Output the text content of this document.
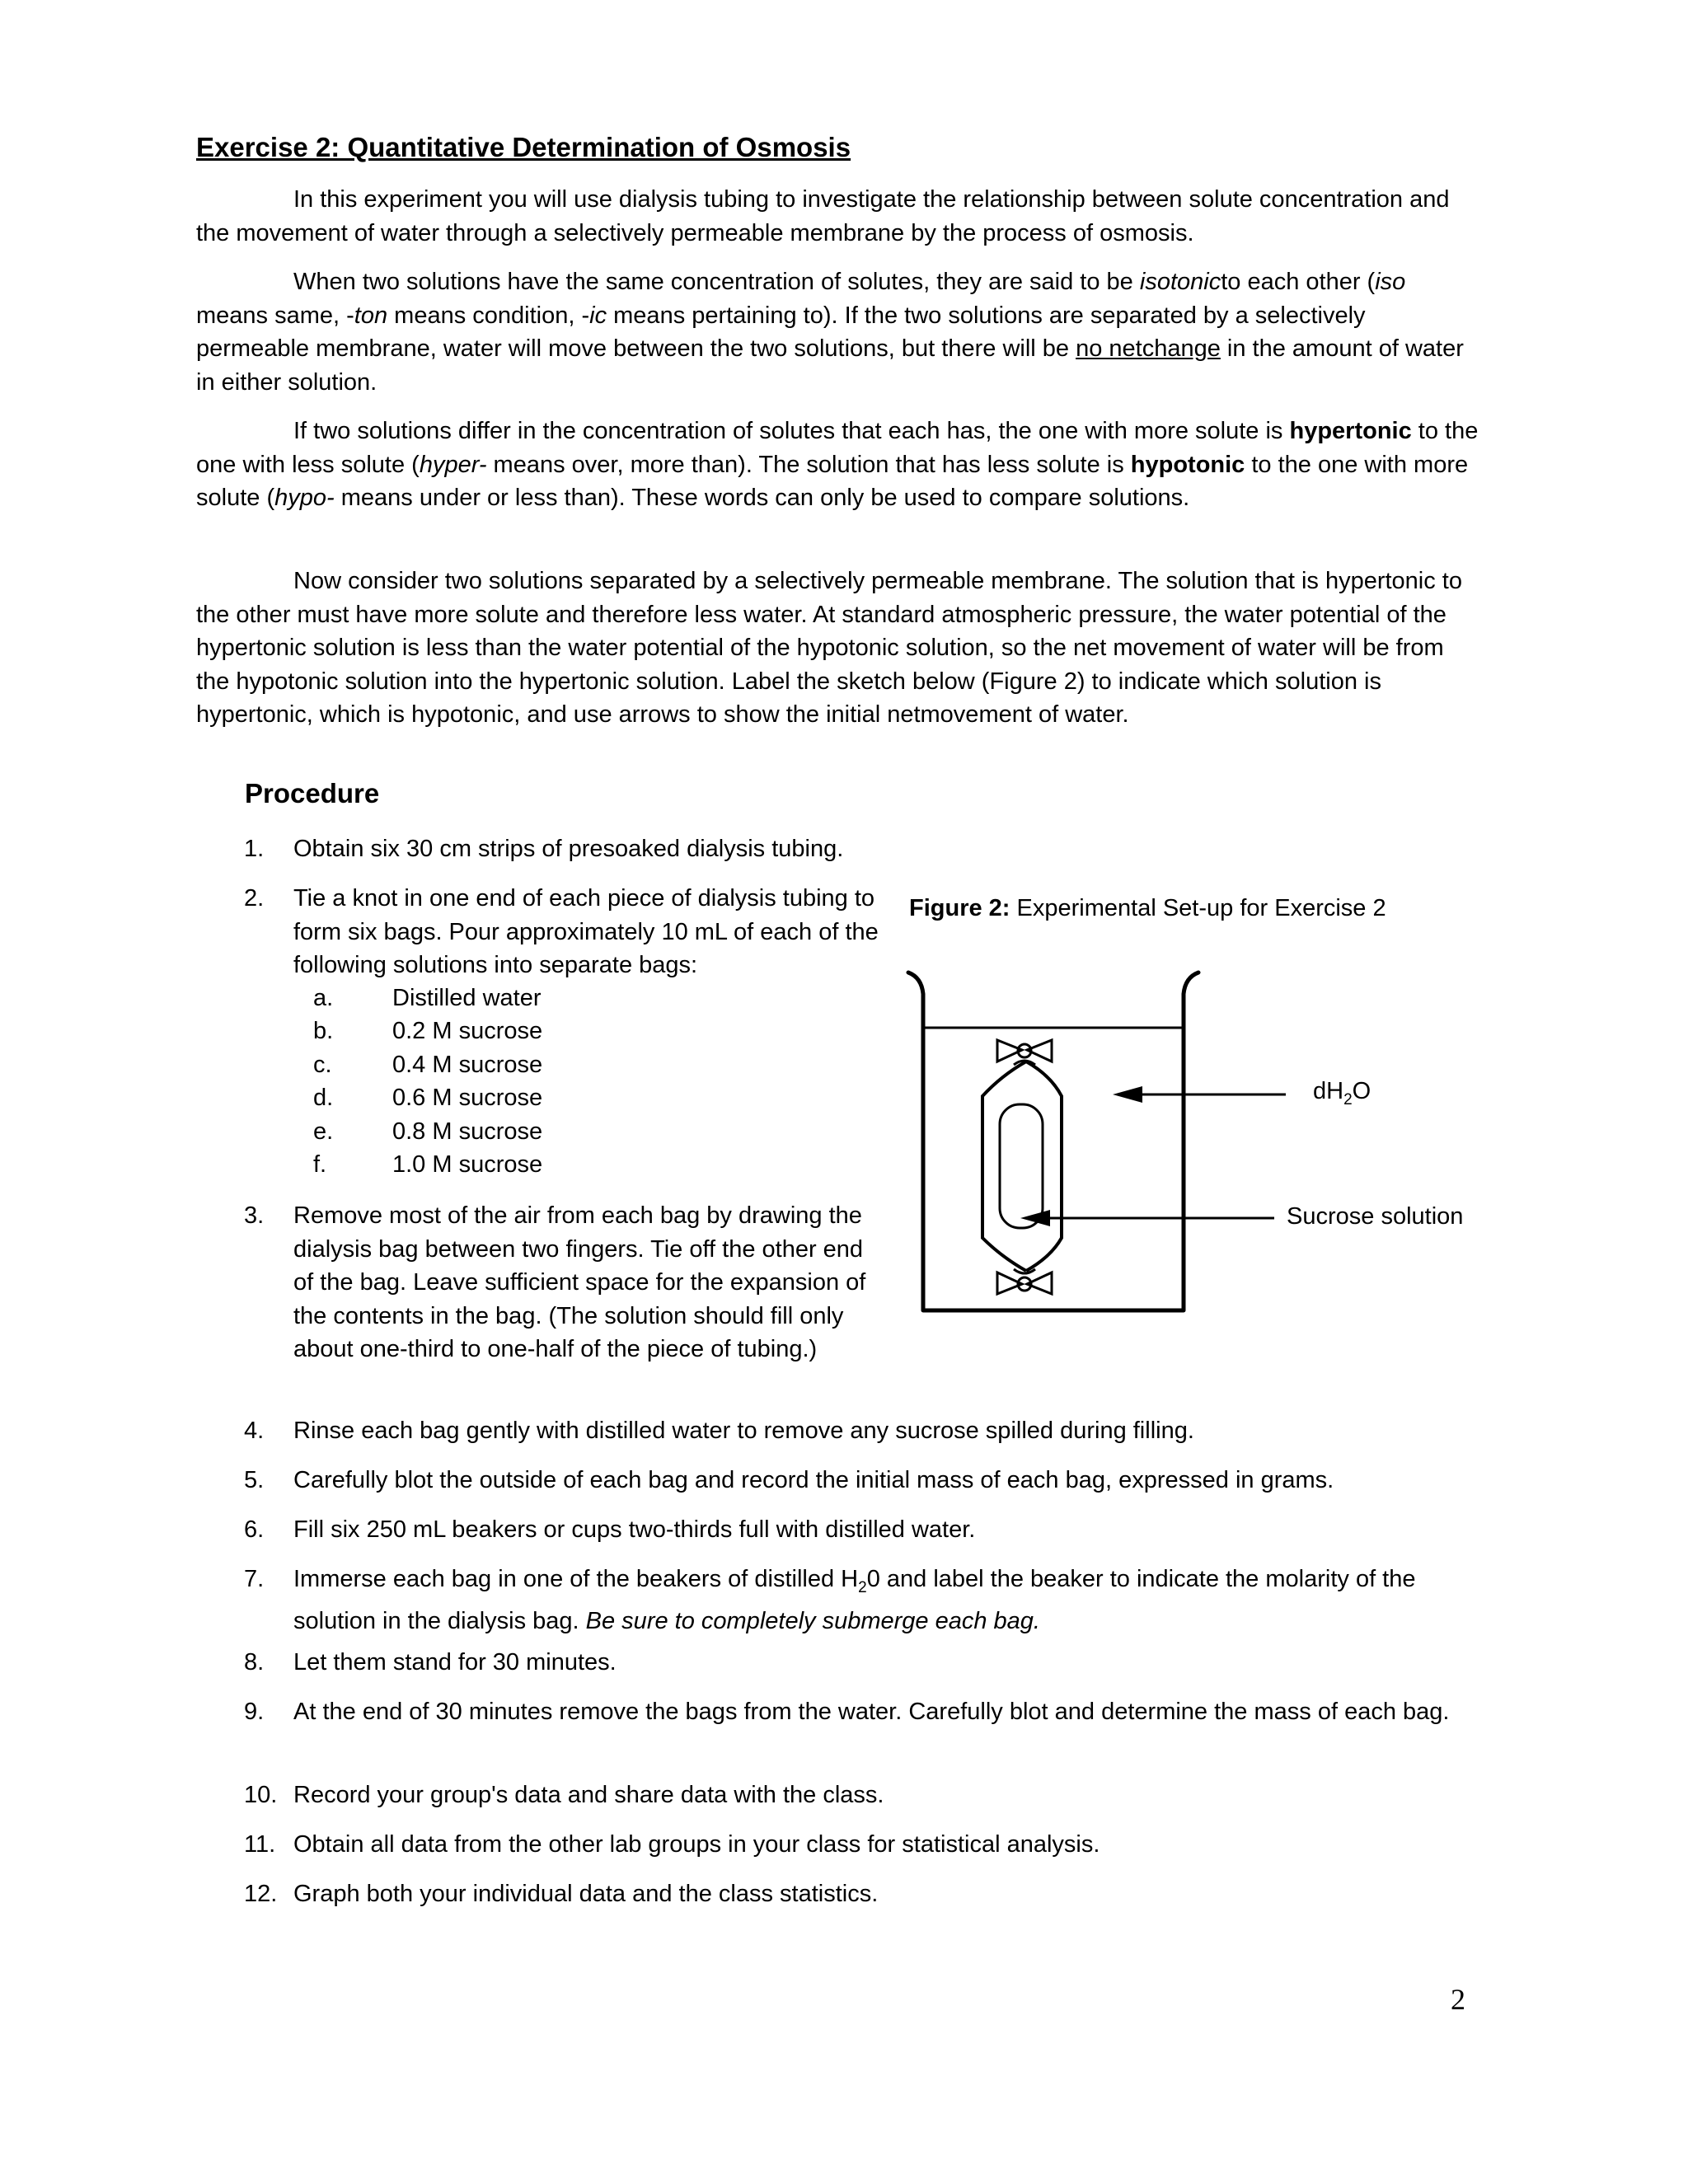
Exercise 2: Quantitative Determination of Osmosis

In this experiment you will use dialysis tubing to investigate the relationship between solute concentration and the movement of water through a selectively permeable membrane by the process of osmosis.

When two solutions have the same concentration of solutes, they are said to be isotonicto each other (iso means same, -ton means condition, -ic means pertaining to). If the two solutions are separated by a selectively permeable membrane, water will move between the two solutions, but there will be no netchange in the amount of water in either solution.

If two solutions differ in the concentration of solutes that each has, the one with more solute is hypertonic to the one with less solute (hyper- means over, more than). The solution that has less solute is hypotonic to the one with more solute (hypo- means under or less than). These words can only be used to compare solutions.

Now consider two solutions separated by a selectively permeable membrane. The solution that is hypertonic to the other must have more solute and therefore less water. At standard atmospheric pressure, the water potential of the hypertonic solution is less than the water potential of the hypotonic solution, so the net movement of water will be from the hypotonic solution into the hypertonic solution. Label the sketch below (Figure 2) to indicate which solution is hypertonic, which is hypotonic, and use arrows to show the initial netmovement of water.

Procedure
1.	Obtain six 30 cm strips of presoaked dialysis tubing.
2.	Tie a knot in one end of each piece of dialysis tubing to form six bags. Pour approximately 10 mL of each of the following solutions into separate bags:
a.	Distilled water
b.	0.2 M sucrose
c.	0.4 M sucrose
d.	0.6 M sucrose
e.	0.8 M sucrose
f.	1.0 M sucrose
3.	Remove most of the air from each bag by drawing the dialysis bag between two fingers. Tie off the other end of the bag. Leave sufficient space for the expansion of the contents in the bag. (The solution should fill only about one-third to one-half of the piece of tubing.)
4.	Rinse each bag gently with distilled water to remove any sucrose spilled during filling.
5.	Carefully blot the outside of each bag and record the initial mass of each bag, expressed in grams.
6.	Fill six 250 mL beakers or cups two-thirds full with distilled water.
7.	Immerse each bag in one of the beakers of distilled $H_20$ and label the beaker to indicate the molarity of the solution in the dialysis bag. Be sure to completely submerge each bag.
8.	Let them stand for 30 minutes.
9.	At the end of 30 minutes remove the bags from the water. Carefully blot and determine the mass of each bag.
10. Record your group's data and share data with the class.
11. Obtain all data from the other lab groups in your class for statistical analysis.
12. Graph both your individual data and the class statistics.
Figure 2: Experimental Set-up for Exercise 2
$dH_2O$
Sucrose solution
2
